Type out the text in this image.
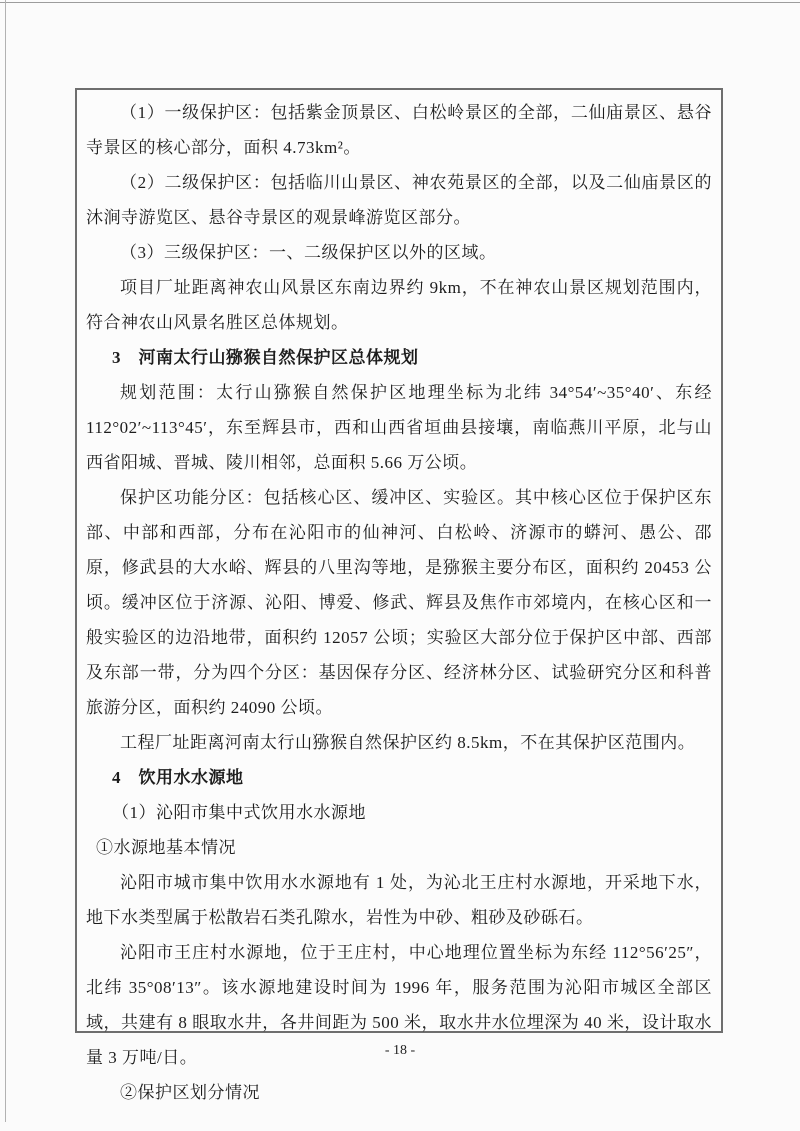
（1）一级保护区：包括紫金顶景区、白松岭景区的全部，二仙庙景区、悬谷寺景区的核心部分，面积 4.73km²。

（2）二级保护区：包括临川山景区、神农苑景区的全部，以及二仙庙景区的沐涧寺游览区、悬谷寺景区的观景峰游览区部分。

（3）三级保护区：一、二级保护区以外的区域。

项目厂址距离神农山风景区东南边界约 9km，不在神农山景区规划范围内，符合神农山风景名胜区总体规划。

3　河南太行山猕猴自然保护区总体规划

规划范围：太行山猕猴自然保护区地理坐标为北纬 34°54′~35°40′、东经 112°02′~113°45′，东至辉县市，西和山西省垣曲县接壤，南临燕川平原，北与山西省阳城、晋城、陵川相邻，总面积 5.66 万公顷。

保护区功能分区：包括核心区、缓冲区、实验区。其中核心区位于保护区东部、中部和西部，分布在沁阳市的仙神河、白松岭、济源市的蟒河、愚公、邵原，修武县的大水峪、辉县的八里沟等地，是猕猴主要分布区，面积约 20453 公顷。缓冲区位于济源、沁阳、博爱、修武、辉县及焦作市郊境内，在核心区和一般实验区的边沿地带，面积约 12057 公顷；实验区大部分位于保护区中部、西部及东部一带，分为四个分区：基因保存分区、经济林分区、试验研究分区和科普旅游分区，面积约 24090 公顷。

工程厂址距离河南太行山猕猴自然保护区约 8.5km，不在其保护区范围内。

4　饮用水水源地

（1）沁阳市集中式饮用水水源地

①水源地基本情况

沁阳市城市集中饮用水水源地有 1 处，为沁北王庄村水源地，开采地下水，地下水类型属于松散岩石类孔隙水，岩性为中砂、粗砂及砂砾石。

沁阳市王庄村水源地，位于王庄村，中心地理位置坐标为东经 112°56′25″，北纬 35°08′13″。该水源地建设时间为 1996 年，服务范围为沁阳市城区全部区域，共建有 8 眼取水井，各井间距为 500 米，取水井水位埋深为 40 米，设计取水量 3 万吨/日。

②保护区划分情况

- 18 -
